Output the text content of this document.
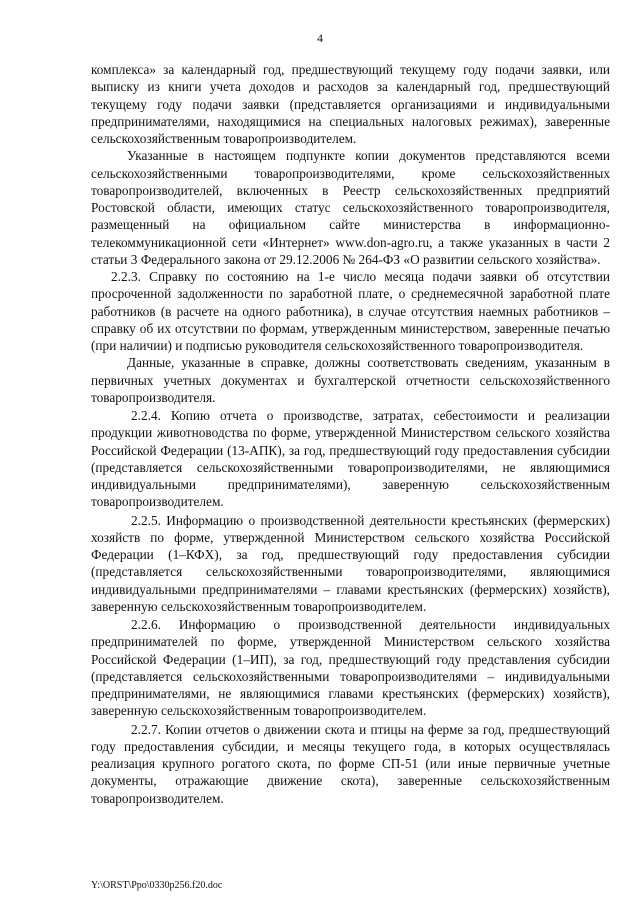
4

комплекса» за календарный год, предшествующий текущему году подачи заявки, или выписку из книги учета доходов и расходов за календарный год, предшествующий текущему году подачи заявки (представляется организациями и индивидуальными предпринимателями, находящимися на специальных налоговых режимах), заверенные сельскохозяйственным товаропроизводителем.

Указанные в настоящем подпункте копии документов представляются всеми сельскохозяйственными товаропроизводителями, кроме сельскохозяйственных товаропроизводителей, включенных в Реестр сельскохозяйственных предприятий Ростовской области, имеющих статус сельскохозяйственного товаропроизводителя, размещенный на официальном сайте министерства в информационно-телекоммуникационной сети «Интернет» www.don-agro.ru, а также указанных в части 2 статьи 3 Федерального закона от 29.12.2006 № 264-ФЗ «О развитии сельского хозяйства».

2.2.3. Справку по состоянию на 1-е число месяца подачи заявки об отсутствии просроченной задолженности по заработной плате, о среднемесячной заработной плате работников (в расчете на одного работника), в случае отсутствия наемных работников – справку об их отсутствии по формам, утвержденным министерством, заверенные печатью (при наличии) и подписью руководителя сельскохозяйственного товаропроизводителя.

Данные, указанные в справке, должны соответствовать сведениям, указанным в первичных учетных документах и бухгалтерской отчетности сельскохозяйственного товаропроизводителя.

2.2.4. Копию отчета о производстве, затратах, себестоимости и реализации продукции животноводства по форме, утвержденной Министерством сельского хозяйства Российской Федерации (13-АПК), за год, предшествующий году предоставления субсидии (представляется сельскохозяйственными товаропроизводителями, не являющимися индивидуальными предпринимателями), заверенную сельскохозяйственным товаропроизводителем.

2.2.5. Информацию о производственной деятельности крестьянских (фермерских) хозяйств по форме, утвержденной Министерством сельского хозяйства Российской Федерации (1–КФХ), за год, предшествующий году предоставления субсидии (представляется сельскохозяйственными товаропроизводителями, являющимися индивидуальными предпринимателями – главами крестьянских (фермерских) хозяйств), заверенную сельскохозяйственным товаропроизводителем.

2.2.6. Информацию о производственной деятельности индивидуальных предпринимателей по форме, утвержденной Министерством сельского хозяйства Российской Федерации (1–ИП), за год, предшествующий году представления субсидии (представляется сельскохозяйственными товаропроизводителями – индивидуальными предпринимателями, не являющимися главами крестьянских (фермерских) хозяйств), заверенную сельскохозяйственным товаропроизводителем.

2.2.7. Копии отчетов о движении скота и птицы на ферме за год, предшествующий году предоставления субсидии, и месяцы текущего года, в которых осуществлялась реализация крупного рогатого скота, по форме СП-51 (или иные первичные учетные документы, отражающие движение скота), заверенные сельскохозяйственным товаропроизводителем.

Y:\ORST\Ppo\0330p256.f20.doc
